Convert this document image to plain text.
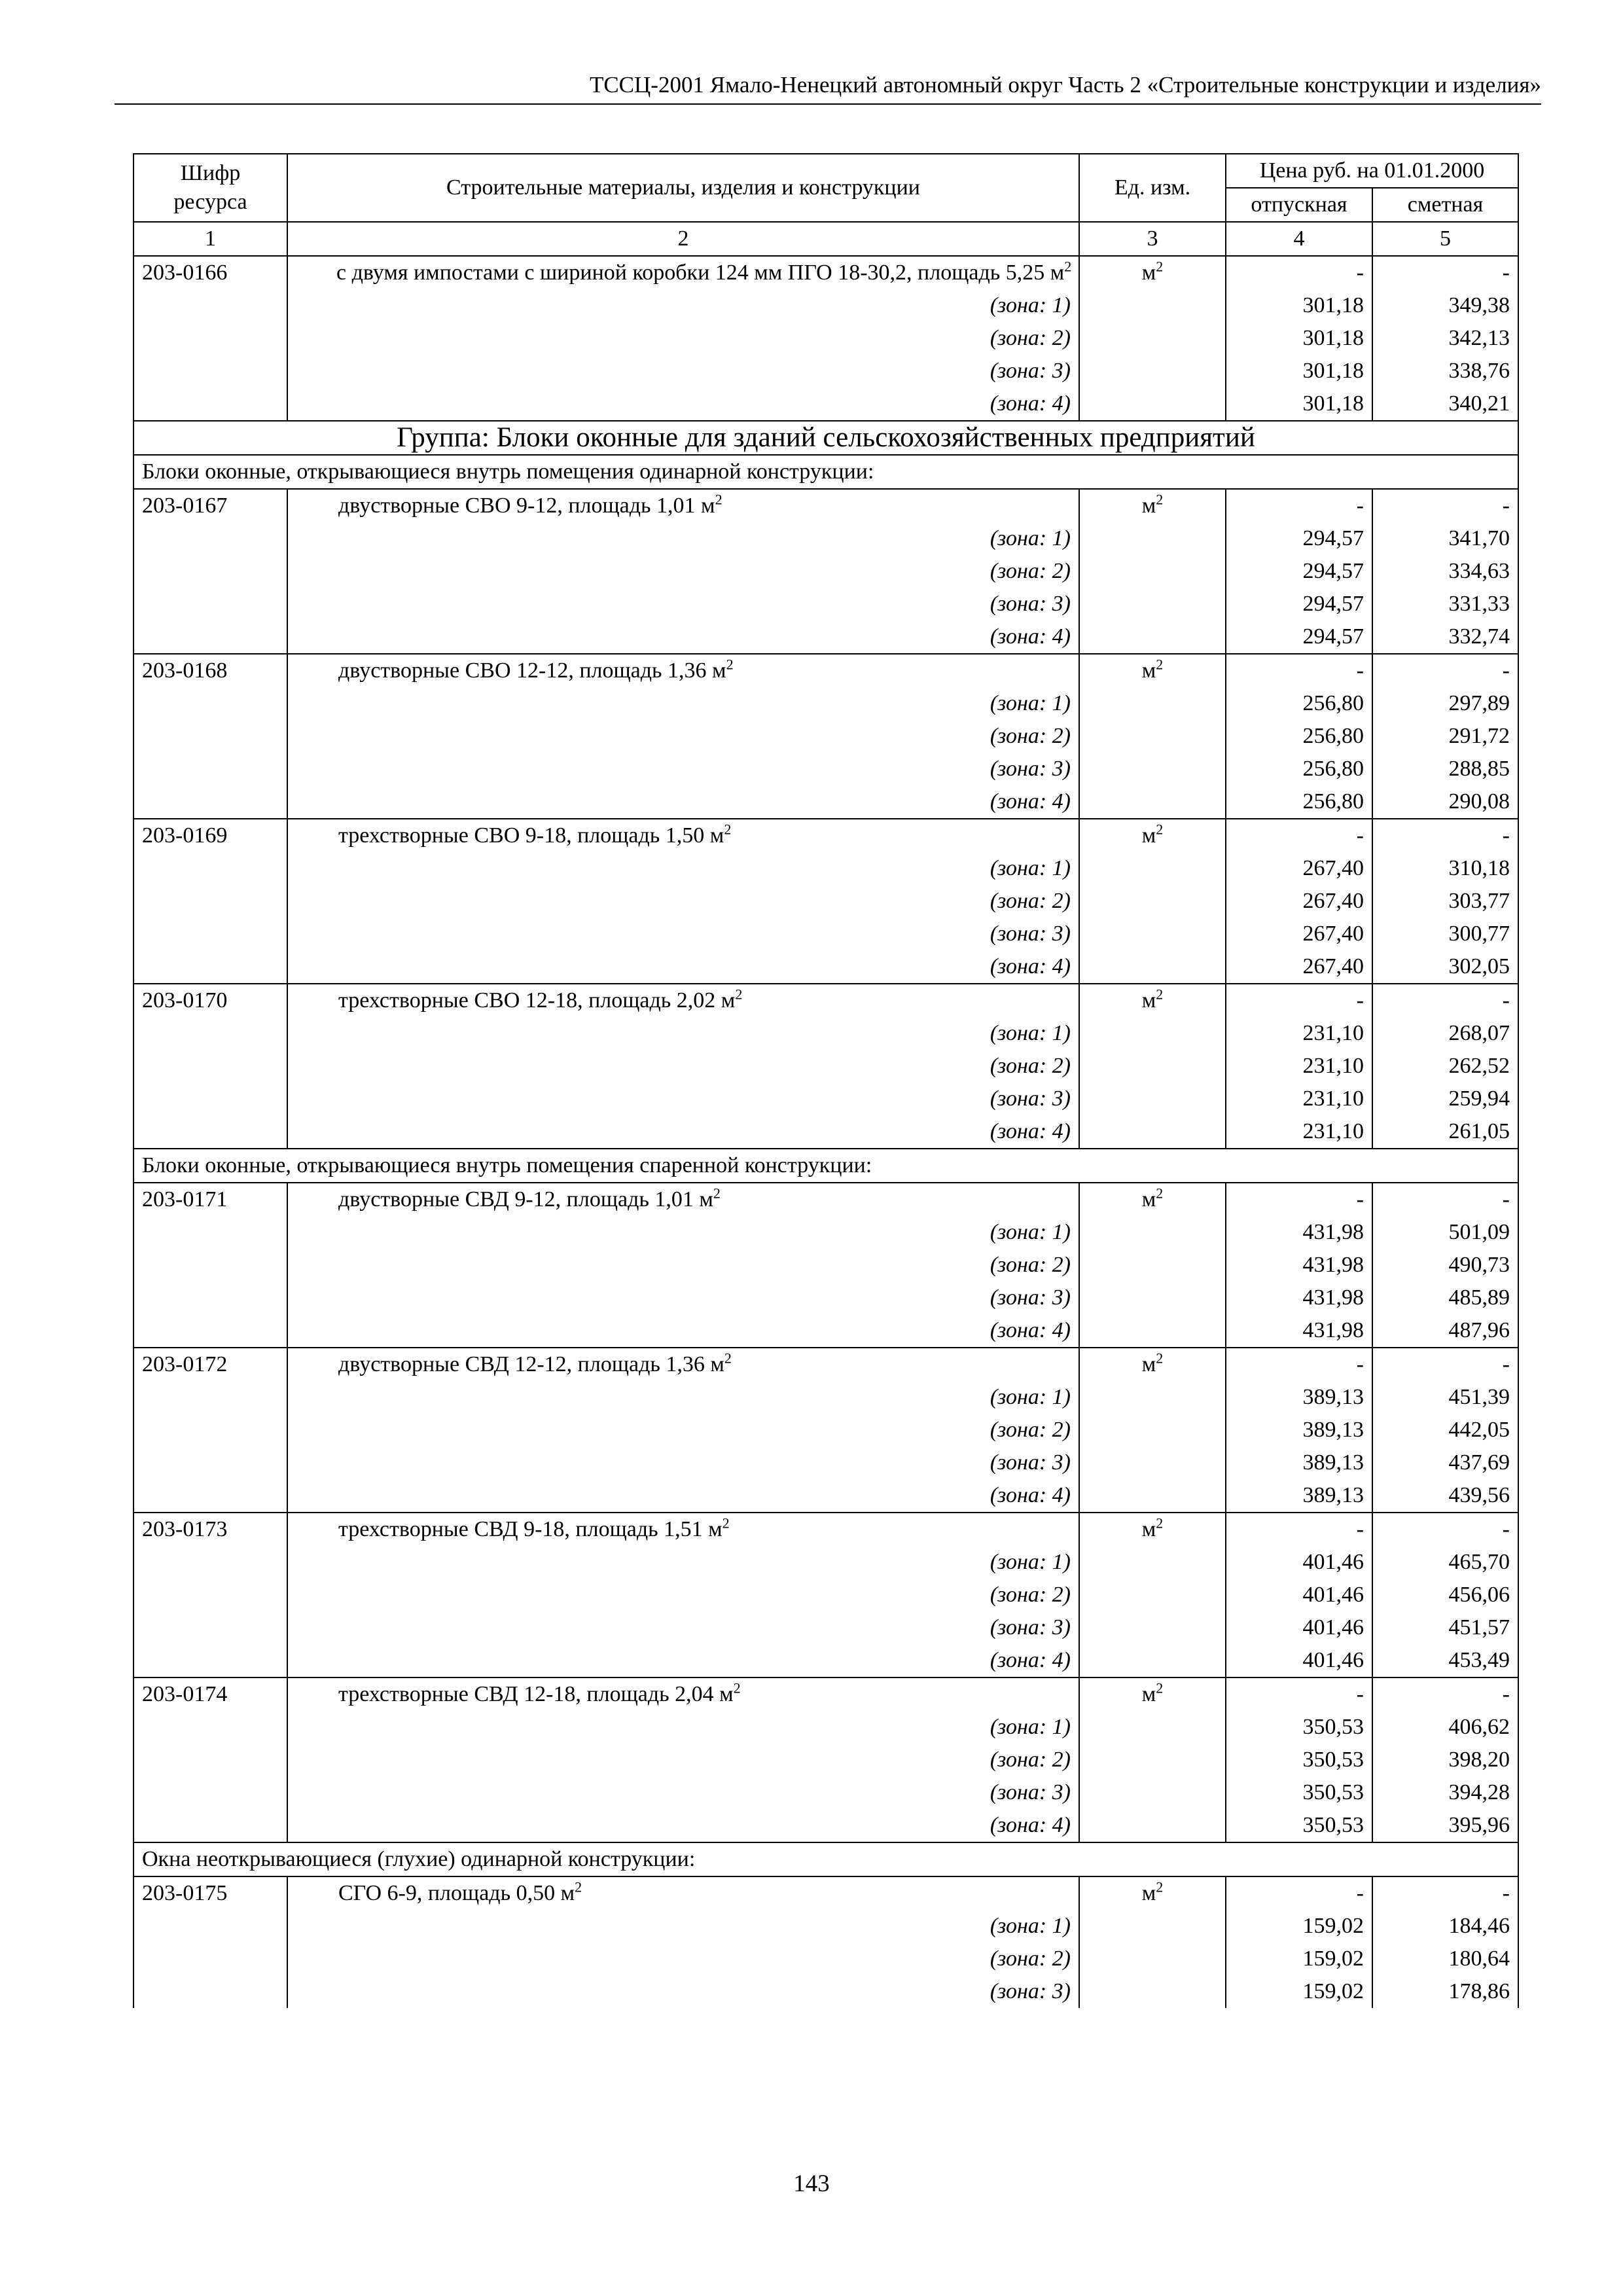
ТССЦ-2001 Ямало-Ненецкий автономный округ Часть 2 «Строительные конструкции и изделия»
Шифр ресурса	Строительные материалы, изделия и конструкции	Ед. изм.	Цена руб. на 01.01.2000	
			отпускная	сметная
1	2	3	4	5
203-0166	с двумя импостами с шириной коробки 124 мм ПГО 18-30,2, площадь 5,25 $м^2$	$м^2$	-	-
	(зона: 1)		301,18	349,38
	(зона: 2)		301,18	342,13
	(зона: 3)		301,18	338,76
	(зона: 4)		301,18	340,21
Группа: Блоки оконные для зданий сельскохозяйственных предприятий				
Блоки оконные, открывающиеся внутрь помещения одинарной конструкции:				
203-0167	двустворные СВО 9-12, площадь 1,01 $м^2$	$м^2$	-	-
	(зона: 1)		294,57	341,70
	(зона: 2)		294,57	334,63
	(зона: 3)		294,57	331,33
	(зона: 4)		294,57	332,74
203-0168	двустворные СВО 12-12, площадь 1,36 $м^2$	$м^2$	-	-
	(зона: 1)		256,80	297,89
	(зона: 2)		256,80	291,72
	(зона: 3)		256,80	288,85
	(зона: 4)		256,80	290,08
203-0169	трехстворные СВО 9-18, площадь 1,50 $м^2$	$м^2$	-	-
	(зона: 1)		267,40	310,18
	(зона: 2)		267,40	303,77
	(зона: 3)		267,40	300,77
	(зона: 4)		267,40	302,05
203-0170	трехстворные СВО 12-18, площадь 2,02 $м^2$	$м^2$	-	-
	(зона: 1)		231,10	268,07
	(зона: 2)		231,10	262,52
	(зона: 3)		231,10	259,94
	(зона: 4)		231,10	261,05
Блоки оконные, открывающиеся внутрь помещения спаренной конструкции:				
203-0171	двустворные СВД 9-12, площадь 1,01 $м^2$	$м^2$	-	-
	(зона: 1)		431,98	501,09
	(зона: 2)		431,98	490,73
	(зона: 3)		431,98	485,89
	(зона: 4)		431,98	487,96
203-0172	двустворные СВД 12-12, площадь 1,36 $м^2$	$м^2$	-	-
	(зона: 1)		389,13	451,39
	(зона: 2)		389,13	442,05
	(зона: 3)		389,13	437,69
	(зона: 4)		389,13	439,56
203-0173	трехстворные СВД 9-18, площадь 1,51 $м^2$	$м^2$	-	-
	(зона: 1)		401,46	465,70
	(зона: 2)		401,46	456,06
	(зона: 3)		401,46	451,57
	(зона: 4)		401,46	453,49
203-0174	трехстворные СВД 12-18, площадь 2,04 $м^2$	$м^2$	-	-
	(зона: 1)		350,53	406,62
	(зона: 2)		350,53	398,20
	(зона: 3)		350,53	394,28
	(зона: 4)		350,53	395,96
Окна неоткрывающиеся (глухие) одинарной конструкции:				
203-0175	СГО 6-9, площадь 0,50 $м^2$	$м^2$	-	-
	(зона: 1)		159,02	184,46
	(зона: 2)		159,02	180,64
	(зона: 3)		159,02	178,86
143
